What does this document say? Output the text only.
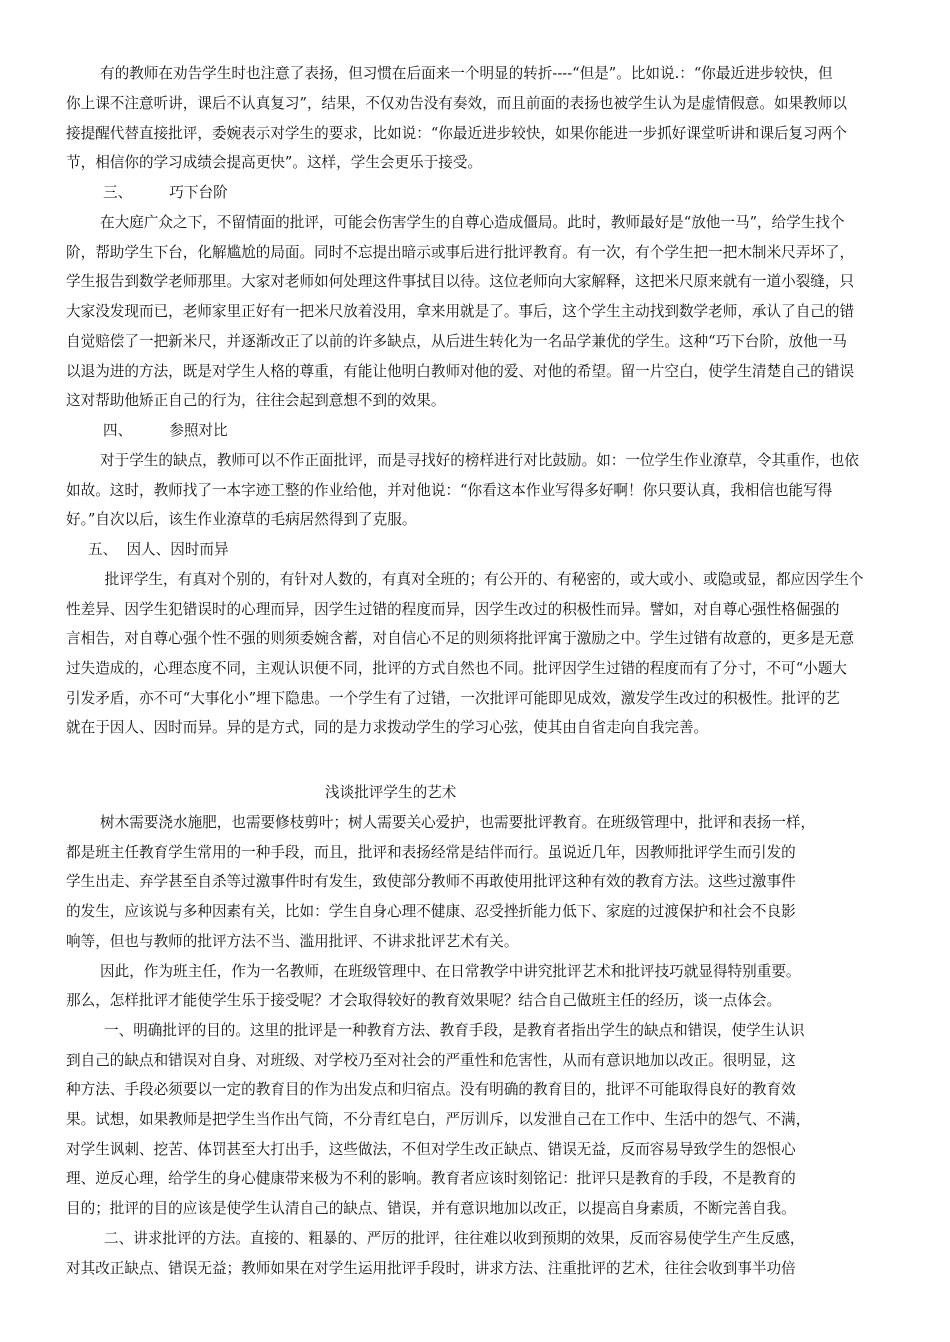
有的教师在劝告学生时也注意了表扬，但习惯在后面来一个明显的转折----“但是”。比如说.：“你最近进步较快，但
你上课不注意听讲，课后不认真复习”，结果，不仅劝告没有奏效，而且前面的表扬也被学生认为是虚情假意。如果教师以
接提醒代替直接批评，委婉表示对学生的要求，比如说：“你最近进步较快，如果你能进一步抓好课堂听讲和课后复习两个
节，相信你的学习成绩会提高更快”。这样，学生会更乐于接受。
三、        巧下台阶
在大庭广众之下，不留情面的批评，可能会伤害学生的自尊心造成僵局。此时，教师最好是“放他一马”，给学生找个
阶，帮助学生下台，化解尴尬的局面。同时不忘提出暗示或事后进行批评教育。有一次，有个学生把一把木制米尺弄坏了，
学生报告到数学老师那里。大家对老师如何处理这件事拭目以待。这位老师向大家解释，这把米尺原来就有一道小裂缝，只
大家没发现而已，老师家里正好有一把米尺放着没用，拿来用就是了。事后，这个学生主动找到数学老师，承认了自己的错
自觉赔偿了一把新米尺，并逐渐改正了以前的许多缺点，从后进生转化为一名品学兼优的学生。这种“巧下台阶，放他一马
以退为进的方法，既是对学生人格的尊重，有能让他明白教师对他的爱、对他的希望。留一片空白，使学生清楚自己的错误
这对帮助他矫正自己的行为，往往会起到意想不到的效果。
四、        参照对比
对于学生的缺点，教师可以不作正面批评，而是寻找好的榜样进行对比鼓励。如：一位学生作业潦草，令其重作，也依
如故。这时，教师找了一本字迹工整的作业给他，并对他说：“你看这本作业写得多好啊！你只要认真，我相信也能写得
好。”自次以后，该生作业潦草的毛病居然得到了克服。
五、  因人、因时而异
批评学生，有真对个别的，有针对人数的，有真对全班的；有公开的、有秘密的，或大或小、或隐或显，都应因学生个
性差异、因学生犯错误时的心理而异，因学生过错的程度而异，因学生改过的积极性而异。譬如，对自尊心强性格倔强的
言相告，对自尊心强个性不强的则须委婉含蓄，对自信心不足的则须将批评寓于激励之中。学生过错有故意的，更多是无意
过失造成的，心理态度不同，主观认识便不同，批评的方式自然也不同。批评因学生过错的程度而有了分寸，不可“小题大
引发矛盾，亦不可“大事化小”埋下隐患。一个学生有了过错，一次批评可能即见成效，激发学生改过的积极性。批评的艺
就在于因人、因时而异。异的是方式，同的是力求拨动学生的学习心弦，使其由自省走向自我完善。
浅谈批评学生的艺术
树木需要浇水施肥，也需要修枝剪叶；树人需要关心爱护，也需要批评教育。在班级管理中，批评和表扬一样，
都是班主任教育学生常用的一种手段，而且，批评和表扬经常是结伴而行。虽说近几年，因教师批评学生而引发的
学生出走、弃学甚至自杀等过激事件时有发生，致使部分教师不再敢使用批评这种有效的教育方法。这些过激事件
的发生，应该说与多种因素有关，比如：学生自身心理不健康、忍受挫折能力低下、家庭的过渡保护和社会不良影
响等，但也与教师的批评方法不当、滥用批评、不讲求批评艺术有关。
因此，作为班主任，作为一名教师，在班级管理中、在日常教学中讲究批评艺术和批评技巧就显得特别重要。
那么，怎样批评才能使学生乐于接受呢？才会取得较好的教育效果呢？结合自己做班主任的经历，谈一点体会。
一、明确批评的目的。这里的批评是一种教育方法、教育手段，是教育者指出学生的缺点和错误，使学生认识
到自己的缺点和错误对自身、对班级、对学校乃至对社会的严重性和危害性，从而有意识地加以改正。很明显，这
种方法、手段必须要以一定的教育目的作为出发点和归宿点。没有明确的教育目的，批评不可能取得良好的教育效
果。试想，如果教师是把学生当作出气筒，不分青红皂白，严厉训斥，以发泄自己在工作中、生活中的怨气、不满，
对学生讽刺、挖苦、体罚甚至大打出手，这些做法，不但对学生改正缺点、错误无益，反而容易导致学生的怨恨心
理、逆反心理，给学生的身心健康带来极为不利的影响。教育者应该时刻铭记：批评只是教育的手段，不是教育的
目的；批评的目的应该是使学生认清自己的缺点、错误，并有意识地加以改正，以提高自身素质，不断完善自我。
二、讲求批评的方法。直接的、粗暴的、严厉的批评，往往难以收到预期的效果，反而容易使学生产生反感，
对其改正缺点、错误无益；教师如果在对学生运用批评手段时，讲求方法、注重批评的艺术，往往会收到事半功倍
